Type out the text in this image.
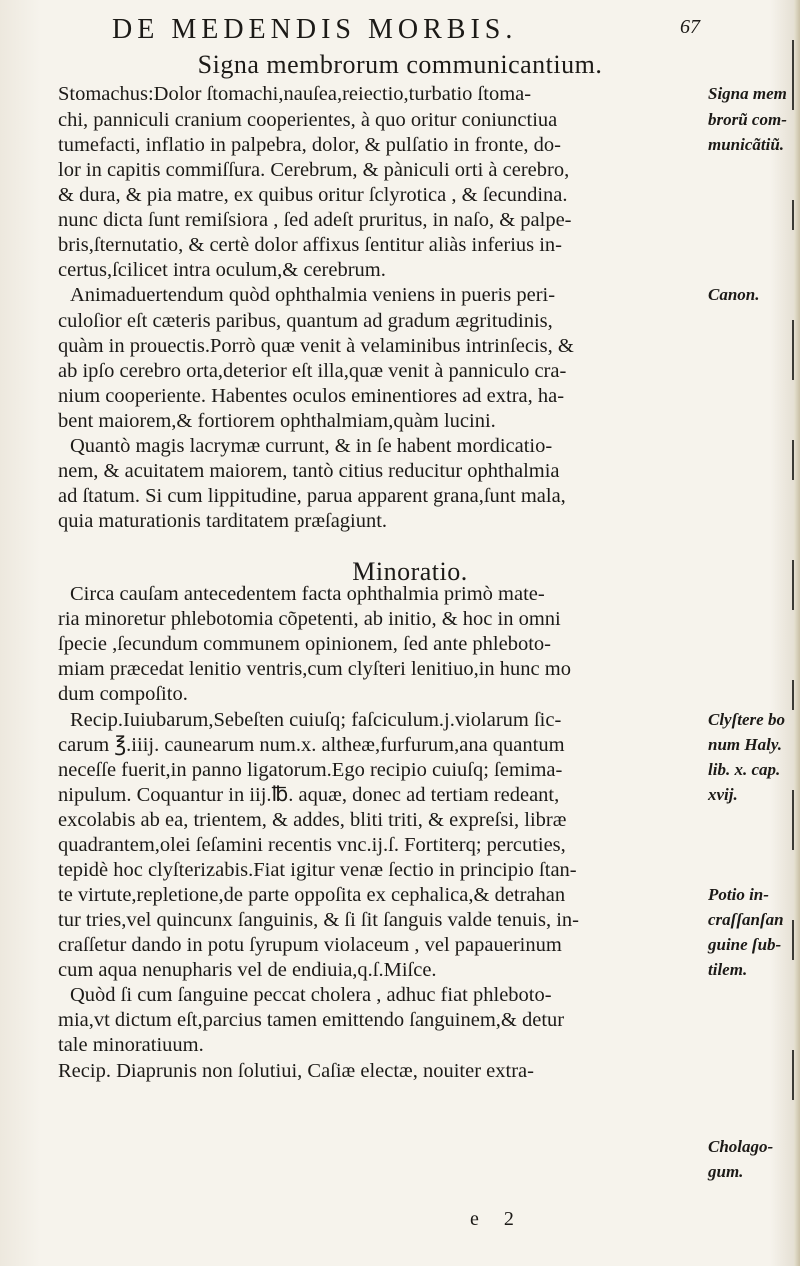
DE MEDENDIS MORBIS.	67
Signa membrorum communicantium.
Minoratio.
Stomachus:Dolor ſtomachi,nauſea,reiectio,turbatio ſtoma-
chi, panniculi cranium cooperientes, à quo oritur coniunctiua
tumefacti, inflatio in palpebra, dolor, & pulſatio in fronte, do-
lor in capitis commiſſura. Cerebrum, & pàniculi orti à cerebro,
& dura, & pia matre, ex quibus oritur ſclyrotica , & ſecundina.
nunc dicta ſunt remiſsiora , ſed adeſt pruritus, in naſo, & palpe-
bris,ſternutatio, & certè dolor affixus ſentitur aliàs inferius in-
certus,ſcilicet intra oculum,& cerebrum.
Animaduertendum quòd ophthalmia veniens in pueris peri-
culoſior eſt cæteris paribus, quantum ad gradum ægritudinis,
quàm in prouectis.Porrò quæ venit à velaminibus intrinſecis, &
ab ipſo cerebro orta,deterior eſt illa,quæ venit à panniculo cra-
nium cooperiente. Habentes oculos eminentiores ad extra, ha-
bent maiorem,& fortiorem ophthalmiam,quàm lucini.
Quantò magis lacrymæ currunt, & in ſe habent mordicatio-
nem, & acuitatem maiorem, tantò citius reducitur ophthalmia
ad ſtatum. Si cum lippitudine, parua apparent grana,ſunt mala,
quia maturationis tarditatem præſagiunt.
Circa cauſam antecedentem facta ophthalmia primò mate-
ria minoretur phlebotomia cõpetenti, ab initio, & hoc in omni
ſpecie ,ſecundum communem opinionem, ſed ante phleboto-
miam præcedat lenitio ventris,cum clyſteri lenitiuo,in hunc mo
dum compoſito.
Recip.Iuiubarum,Sebeſten cuiuſq; faſciculum.j.violarum ſic-
carum ℥.iiij. caunearum num.x. altheæ,furfurum,ana quantum
neceſſe fuerit,in panno ligatorum.Ego recipio cuiuſq; ſemima-
nipulum. Coquantur in iij.℔. aquæ, donec ad tertiam redeant,
excolabis ab ea, trientem, & addes, bliti triti, & expreſsi, libræ
quadrantem,olei ſeſamini recentis vnc.ij.ſ. Fortiterq; percuties,
tepidè hoc clyſterizabis.Fiat igitur venæ ſectio in principio ſtan-
te virtute,repletione,de parte oppoſita ex cephalica,& detrahan
tur tries,vel quincunx ſanguinis, & ſi ſit ſanguis valde tenuis, in-
craſſetur dando in potu ſyrupum violaceum , vel papauerinum
cum aqua nenupharis vel de endiuia,q.ſ.Miſce.
Quòd ſi cum ſanguine peccat cholera , adhuc fiat phleboto-
mia,vt dictum eſt,parcius tamen emittendo ſanguinem,& detur
tale minoratiuum.
Recip. Diaprunis non ſolutiui, Caſiæ electæ, nouiter extra-
Signa mem
brorũ com-
municãtiũ.
Canon.
Clyſtere bo
num Haly.
lib. x. cap.
xvij.
Potio in-
craſſanſan
guine ſub-
tilem.
Cholago-
gum.
e 2
